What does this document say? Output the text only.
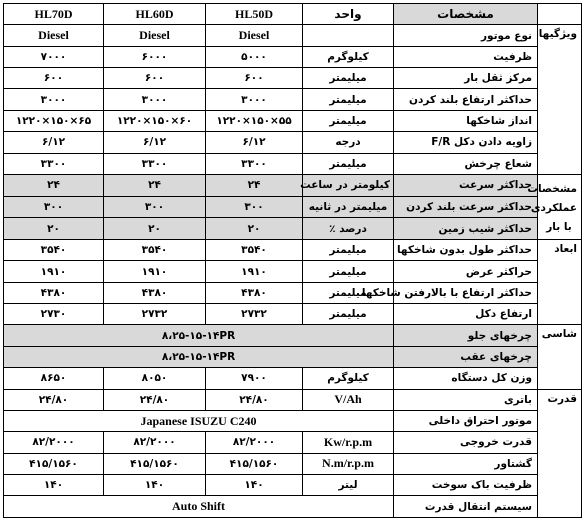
HL70D	HL60D	HL50D	واحد	مشخصات	
Diesel	Diesel	Diesel		نوع موتور	ویژگیها
۷۰۰۰	۶۰۰۰	۵۰۰۰	کیلوگرم	ظرفیت	
۶۰۰	۶۰۰	۶۰۰	میلیمتر	مرکز ثقل بار	
۳۰۰۰	۳۰۰۰	۳۰۰۰	میلیمتر	حداکثر ارتفاع بلند کردن	
۱۲۲۰×۱۵۰×۶۵	۱۲۲۰×۱۵۰×۶۰	۱۲۲۰×۱۵۰×۵۵	میلیمتر	انداز شاخکها	
۶/۱۲	۶/۱۲	۶/۱۲	درجه	زاویه دادن دکل F/R	
۳۳۰۰	۳۳۰۰	۳۳۰۰	میلیمتر	شعاع چرخش	
۲۴	۲۴	۲۴	کیلومتر در ساعت	حداکثر سرعت	مشخصات عملکردی با بار
۳۰۰	۳۰۰	۳۰۰	میلیمتر در ثانیه	حداکثر سرعت بلند کردن	
۲۰	۲۰	۲۰	درصد ٪	حداکثر شیب زمین	
۳۵۴۰	۳۵۴۰	۳۵۴۰	میلیمتر	حداکثر طول بدون شاخکها	ابعاد
۱۹۱۰	۱۹۱۰	۱۹۱۰	میلیمتر	حراکثر عرض	
۴۳۸۰	۴۳۸۰	۴۳۸۰	میلیمتر	حداکثر ارتفاع با بالارفتن شاخکها	
۲۷۳۰	۲۷۳۲	۲۷۳۲	میلیمتر	ارتفاع دکل	
۸،۲۵-۱۵-۱۴PR				چرخهای جلو	شاسی
۸،۲۵-۱۵-۱۴PR				چرخهای عقب	
۸۶۵۰	۸۰۵۰	۷۹۰۰	کیلوگرم	وزن کل دستگاه	
۲۴/۸۰	۲۴/۸۰	۲۴/۸۰	V/Ah	باتری	قدرت
Japanese ISUZU C240				موتور احتراق داخلی	
۸۲/۲۰۰۰	۸۲/۲۰۰۰	۸۲/۲۰۰۰	Kw/r.p.m	قدرت خروجی	
۴۱۵/۱۵۶۰	۴۱۵/۱۵۶۰	۴۱۵/۱۵۶۰	N.m/r.p.m	گشتاور	
۱۴۰	۱۴۰	۱۴۰	لیتر	ظرفیت باک سوخت	
Auto Shift				سیستم انتقال قدرت	
